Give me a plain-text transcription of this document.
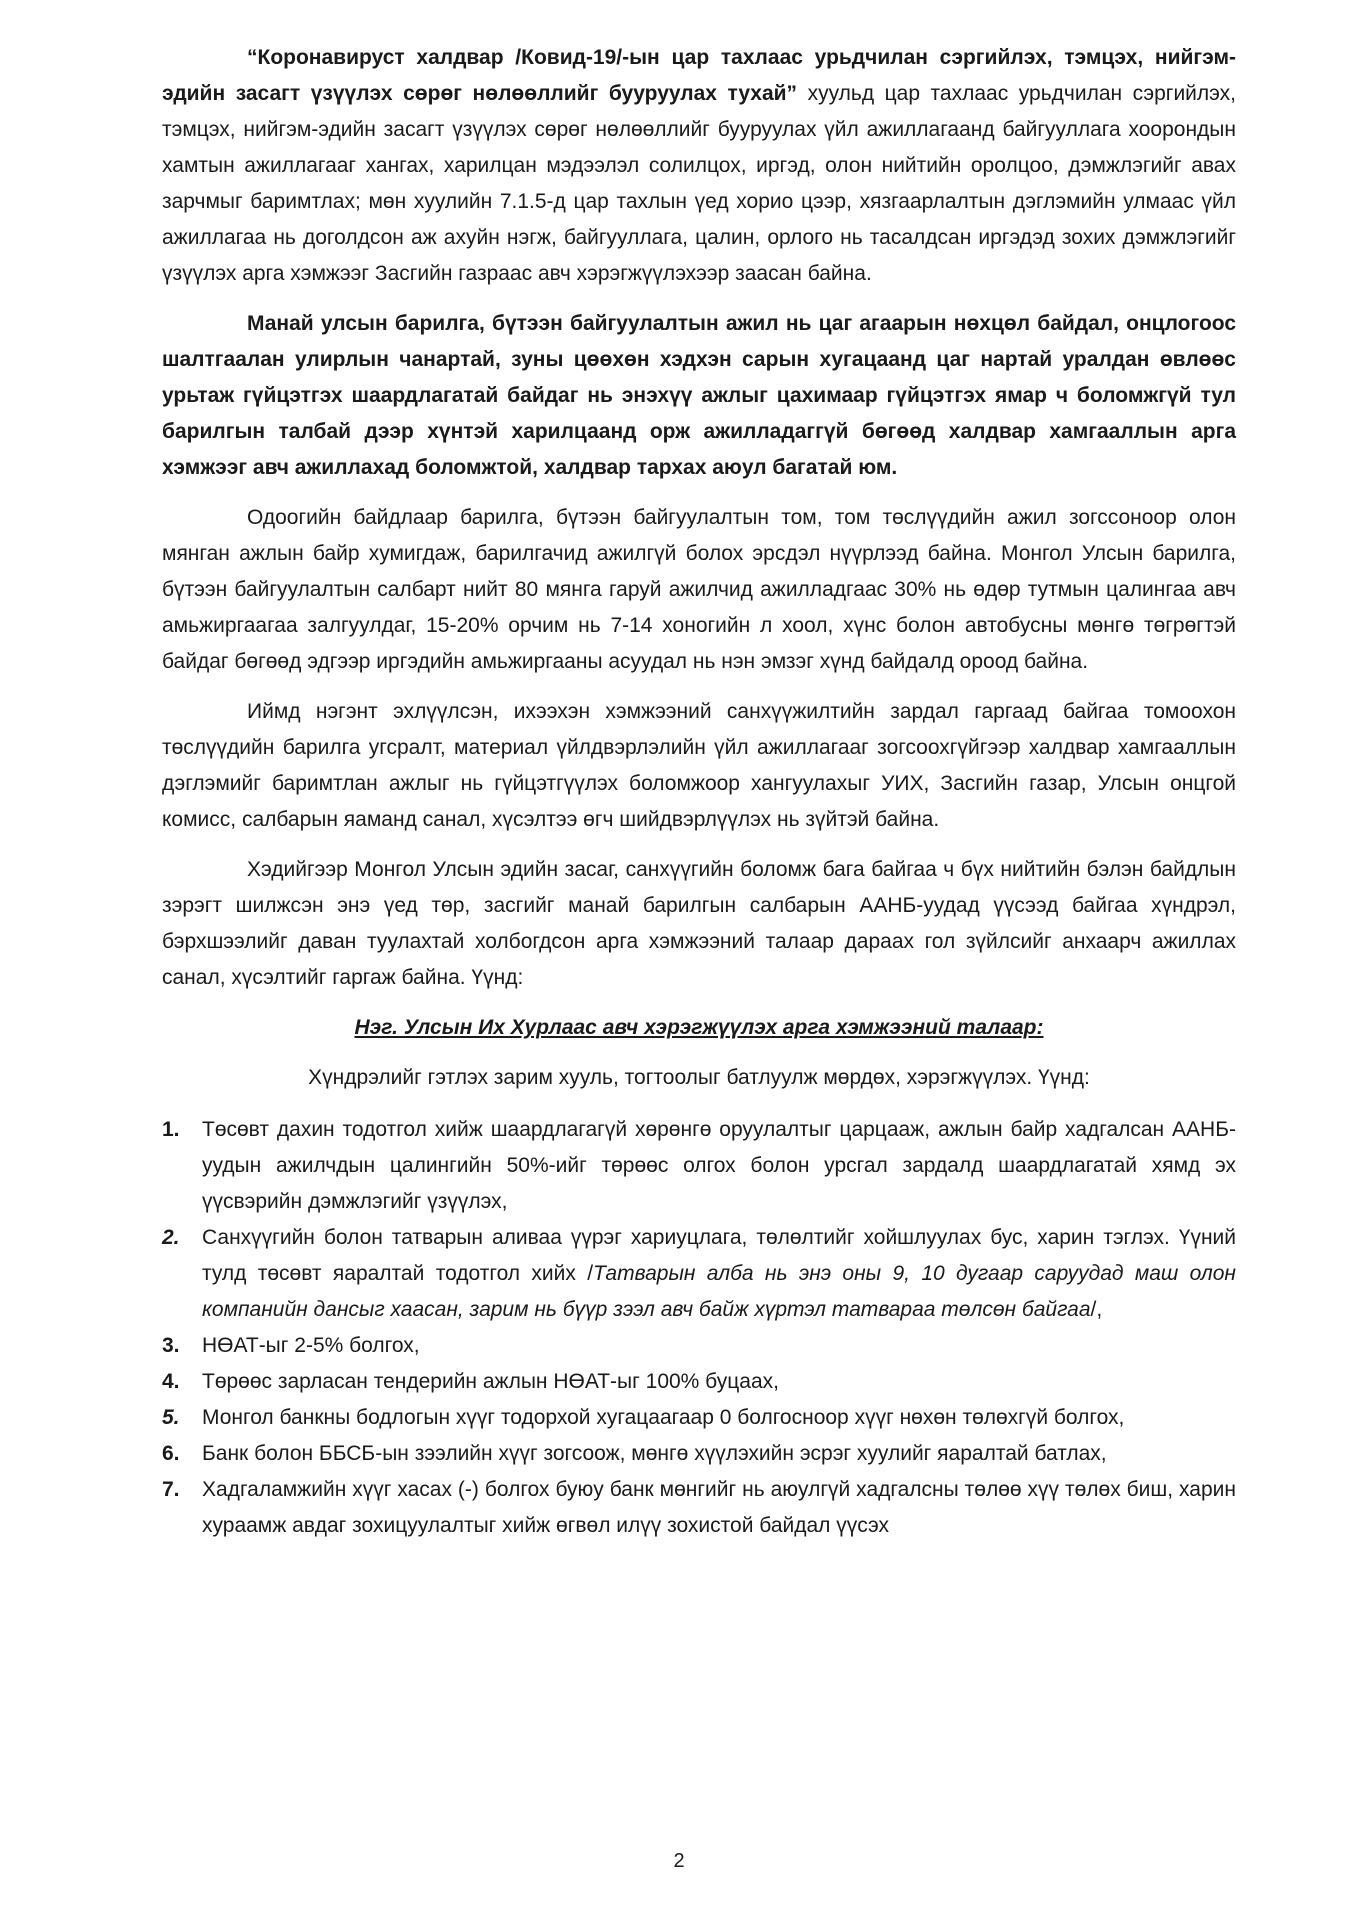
“Коронавируст халдвар /Ковид-19/-ын цар тахлаас урьдчилан сэргийлэх, тэмцэх, нийгэм-эдийн засагт үзүүлэх сөрөг нөлөөллийг бууруулах тухай” хуульд цар тахлаас урьдчилан сэргийлэх, тэмцэх, нийгэм-эдийн засагт үзүүлэх сөрөг нөлөөллийг бууруулах үйл ажиллагаанд байгууллага хоорондын хамтын ажиллагааг хангах, харилцан мэдээлэл солилцох, иргэд, олон нийтийн оролцоо, дэмжлэгийг авах зарчмыг баримтлах; мөн хуулийн 7.1.5-д цар тахлын үед хорио цээр, хязгаарлалтын дэглэмийн улмаас үйл ажиллагаа нь доголдсон аж ахуйн нэгж, байгууллага, цалин, орлого нь тасалдсан иргэдэд зохих дэмжлэгийг үзүүлэх арга хэмжээг Засгийн газраас авч хэрэгжүүлэхээр заасан байна.

Манай улсын барилга, бүтээн байгуулалтын ажил нь цаг агаарын нөхцөл байдал, онцлогоос шалтгаалан улирлын чанартай, зуны цөөхөн хэдхэн сарын хугацаанд цаг нартай уралдан өвлөөс урьтаж гүйцэтгэх шаардлагатай байдаг нь энэхүү ажлыг цахимаар гүйцэтгэх ямар ч боломжгүй тул барилгын талбай дээр хүнтэй харилцаанд орж ажилладаггүй бөгөөд халдвар хамгааллын арга хэмжээг авч ажиллахад боломжтой, халдвар тархах аюул багатай юм.

Одоогийн байдлаар барилга, бүтээн байгуулалтын том, том төслүүдийн ажил зогссоноор олон мянган ажлын байр хумигдаж, барилгачид ажилгүй болох эрсдэл нүүрлээд байна. Монгол Улсын барилга, бүтээн байгуулалтын салбарт нийт 80 мянга гаруй ажилчид ажилладгаас 30% нь өдөр тутмын цалингаа авч амьжиргаагаа залгуулдаг, 15-20% орчим нь 7-14 хоногийн л хоол, хүнс болон автобусны мөнгө төгрөгтэй байдаг бөгөөд эдгээр иргэдийн амьжиргааны асуудал нь нэн эмзэг хүнд байдалд ороод байна.

Иймд нэгэнт эхлүүлсэн, ихээхэн хэмжээний санхүүжилтийн зардал гаргаад байгаа томоохон төслүүдийн барилга угсралт, материал үйлдвэрлэлийн үйл ажиллагааг зогсоохгүйгээр халдвар хамгааллын дэглэмийг баримтлан ажлыг нь гүйцэтгүүлэх боломжоор хангуулахыг УИХ, Засгийн газар, Улсын онцгой комисс, салбарын яаманд санал, хүсэлтээ өгч шийдвэрлүүлэх нь зүйтэй байна.

Хэдийгээр Монгол Улсын эдийн засаг, санхүүгийн боломж бага байгаа ч бүх нийтийн бэлэн байдлын зэрэгт шилжсэн энэ үед төр, засгийг манай барилгын салбарын ААНБ-уудад үүсээд байгаа хүндрэл, бэрхшээлийг даван туулахтай холбогдсон арга хэмжээний талаар дараах гол зүйлсийг анхаарч ажиллах санал, хүсэлтийг гаргаж байна. Үүнд:

Нэг. Улсын Их Хурлаас авч хэрэгжүүлэх арга хэмжээний талаар:

Хүндрэлийг гэтлэх зарим хууль, тогтоолыг батлуулж мөрдөх, хэрэгжүүлэх. Үүнд:

1. Төсөвт дахин тодотгол хийж шаардлагагүй хөрөнгө оруулалтыг царцааж, ажлын байр хадгалсан ААНБ-уудын ажилчдын цалингийн 50%-ийг төрөөс олгох болон урсгал зардалд шаардлагатай хямд эх үүсвэрийн дэмжлэгийг үзүүлэх,
2. Санхүүгийн болон татварын аливаа үүрэг хариуцлага, төлөлтийг хойшлуулах бус, харин тэглэх. Үүний тулд төсөвт яаралтай тодотгол хийх /Татварын алба нь энэ оны 9, 10 дугаар саруудад маш олон компанийн дансыг хаасан, зарим нь бүүр зээл авч байж хүртэл татвараа төлсөн байгаа/,
3. НӨАТ-ыг 2-5% болгох,
4. Төрөөс зарласан тендерийн ажлын НӨАТ-ыг 100% буцаах,
5. Монгол банкны бодлогын хүүг тодорхой хугацаагаар 0 болгосноор хүүг нөхөн төлөхгүй болгох,
6. Банк болон ББСБ-ын зээлийн хүүг зогсоож, мөнгө хүүлэхийн эсрэг хуулийг яаралтай батлах,
7. Хадгаламжийн хүүг хасах (-) болгох буюу банк мөнгийг нь аюулгүй хадгалсны төлөө хүү төлөх биш, харин хураамж авдаг зохицуулалтыг хийж өгвөл илүү зохистой байдал үүсэх
2
